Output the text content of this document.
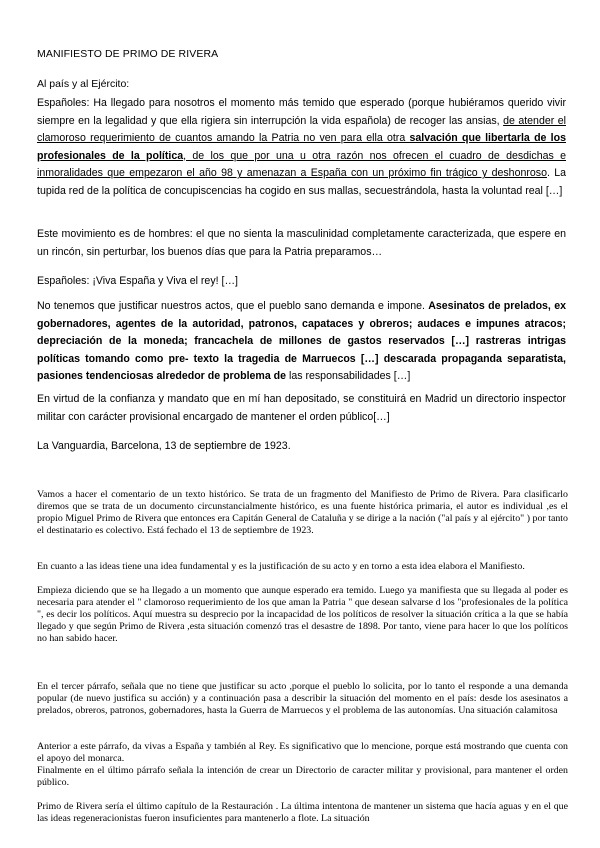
MANIFIESTO DE PRIMO DE RIVERA
Al país y al Ejército:
Españoles: Ha llegado para nosotros el momento más temido que esperado (porque hubiéramos querido vivir siempre en la legalidad y que ella rigiera sin interrupción la vida española) de recoger las ansias, de atender el clamoroso requerimiento de cuantos amando la Patria no ven para ella otra salvación que libertarla de los profesionales de la política, de los que por una u otra razón nos ofrecen el cuadro de desdichas e inmoralidades que empezaron el año 98 y amenazan a España con un próximo fin trágico y deshonroso. La tupida red de la política de concupiscencias ha cogido en sus mallas, secuestrándola, hasta la voluntad real […]
Este movimiento es de hombres: el que no sienta la masculinidad completamente caracterizada, que espere en un rincón, sin perturbar, los buenos días que para la Patria preparamos…
Españoles: ¡Viva España y Viva el rey! […]
No tenemos que justificar nuestros actos, que el pueblo sano demanda e impone. Asesinatos de prelados, ex gobernadores, agentes de la autoridad, patronos, capataces y obreros; audaces e impunes atracos; depreciación de la moneda; francachela de millones de gastos reservados […] rastreras intrigas políticas tomando como pre- texto la tragedia de Marruecos […] descarada propaganda separatista, pasiones tendenciosas alrededor de problema de las responsabilidades […]
En virtud de la confianza y mandato que en mí han depositado, se constituirá en Madrid un directorio inspector militar con carácter provisional encargado de mantener el orden público[…]
La Vanguardia, Barcelona, 13 de septiembre de 1923.
Vamos a hacer el comentario de un texto histórico. Se trata de un fragmento del Manifiesto de Primo de Rivera. Para clasificarlo diremos que se trata de un documento circunstancialmente histórico, es una fuente histórica primaria, el autor es individual ,es el propio Miguel Primo de Rivera que entonces era Capitán General de Cataluña y se dirige a la nación ("al país y al ejército" ) por tanto el destinatario es colectivo. Está fechado el 13 de septiembre de 1923.
En cuanto a las ideas tiene una idea fundamental y es la justificación de su acto y en torno a esta idea elabora el Manifiesto.
Empieza diciendo que se ha llegado a un momento que aunque esperado era temido. Luego ya manifiesta que su llegada al poder es necesaria para atender el " clamoroso requerimiento de los que aman la Patria " que desean salvarse d los "profesionales de la política ", es decir los políticos. Aquí muestra su desprecio por la incapacidad de los políticos de resolver la situación crítica a la que se había llegado y que según Primo de Rivera ,esta situación comenzó tras el desastre de 1898. Por tanto, viene para hacer lo que los políticos no han sabido hacer.
En el tercer párrafo, señala que no tiene que justificar su acto ,porque el pueblo lo solicita, por lo tanto el responde a una demanda popular (de nuevo justifica su acción) y a continuación pasa a describir la situación del momento en el país: desde los asesinatos a prelados, obreros, patronos, gobernadores, hasta la Guerra de Marruecos y el problema de las autonomías. Una situación calamitosa
Anterior a este párrafo, da vivas a España y también al Rey. Es significativo que lo mencione, porque está mostrando que cuenta con el apoyo del monarca.
Finalmente en el último párrafo señala la intención de crear un Directorio de caracter militar y provisional, para mantener el orden público.
Primo de Rivera sería el último capítulo de la Restauración . La última intentona de mantener un sistema que hacía aguas y en el que las ideas regeneracionistas fueron insuficientes para mantenerlo a flote. La situación
